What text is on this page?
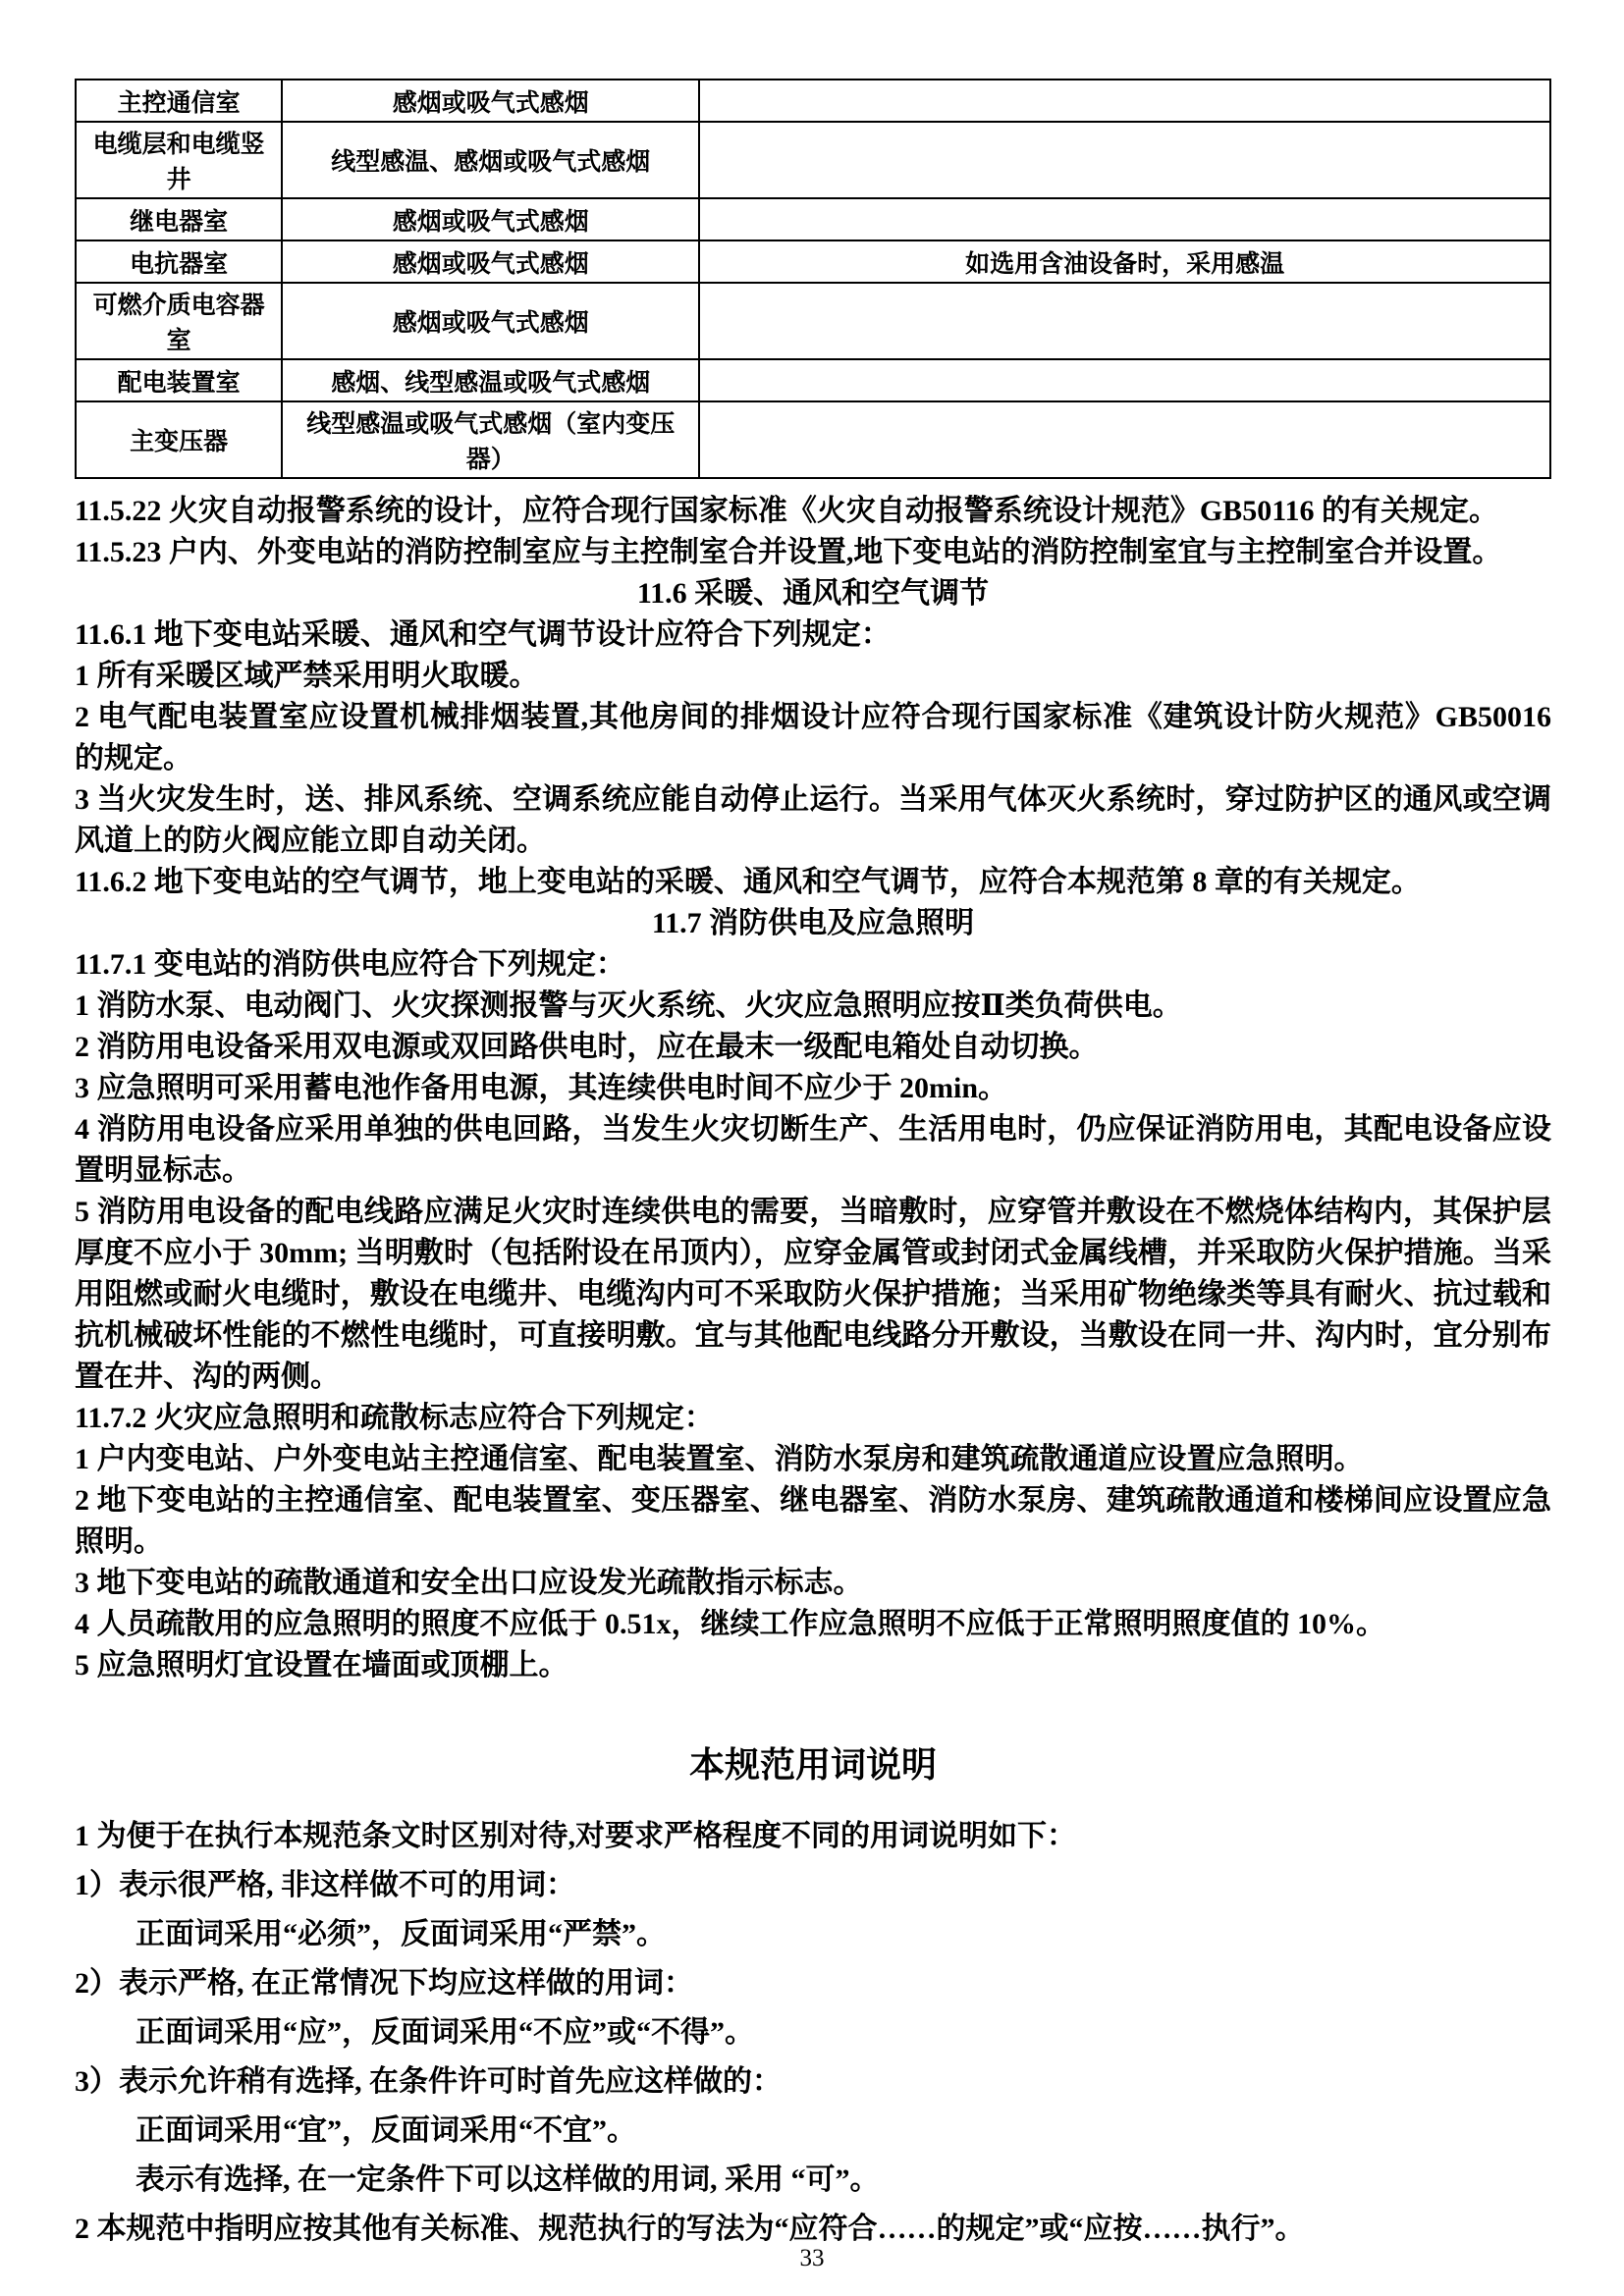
主控通信室	感烟或吸气式感烟	
电缆层和电缆竖井	线型感温、感烟或吸气式感烟	
继电器室	感烟或吸气式感烟	
电抗器室	感烟或吸气式感烟	如选用含油设备时，采用感温
可燃介质电容器室	感烟或吸气式感烟	
配电装置室	感烟、线型感温或吸气式感烟	
主变压器	线型感温或吸气式感烟（室内变压器）	

11.5.22 火灾自动报警系统的设计，应符合现行国家标准《火灾自动报警系统设计规范》GB50116 的有关规定。

11.5.23 户内、外变电站的消防控制室应与主控制室合并设置,地下变电站的消防控制室宜与主控制室合并设置。

11.6 采暖、通风和空气调节

11.6.1 地下变电站采暖、通风和空气调节设计应符合下列规定：

1 所有采暖区域严禁采用明火取暖。

2 电气配电装置室应设置机械排烟装置,其他房间的排烟设计应符合现行国家标准《建筑设计防火规范》GB50016 的规定。

3 当火灾发生时，送、排风系统、空调系统应能自动停止运行。当采用气体灭火系统时，穿过防护区的通风或空调风道上的防火阀应能立即自动关闭。

11.6.2 地下变电站的空气调节，地上变电站的采暖、通风和空气调节，应符合本规范第 8 章的有关规定。

11.7 消防供电及应急照明

11.7.1 变电站的消防供电应符合下列规定：

1 消防水泵、电动阀门、火灾探测报警与灭火系统、火灾应急照明应按Ⅱ类负荷供电。

2 消防用电设备采用双电源或双回路供电时，应在最末一级配电箱处自动切换。

3 应急照明可采用蓄电池作备用电源，其连续供电时间不应少于 20min。

4 消防用电设备应采用单独的供电回路，当发生火灾切断生产、生活用电时，仍应保证消防用电，其配电设备应设置明显标志。

5 消防用电设备的配电线路应满足火灾时连续供电的需要，当暗敷时，应穿管并敷设在不燃烧体结构内，其保护层厚度不应小于 30mm; 当明敷时（包括附设在吊顶内），应穿金属管或封闭式金属线槽，并采取防火保护措施。当采用阻燃或耐火电缆时，敷设在电缆井、电缆沟内可不采取防火保护措施；当采用矿物绝缘类等具有耐火、抗过载和抗机械破坏性能的不燃性电缆时，可直接明敷。宜与其他配电线路分开敷设，当敷设在同一井、沟内时，宜分别布置在井、沟的两侧。

11.7.2 火灾应急照明和疏散标志应符合下列规定：

1 户内变电站、户外变电站主控通信室、配电装置室、消防水泵房和建筑疏散通道应设置应急照明。

2 地下变电站的主控通信室、配电装置室、变压器室、继电器室、消防水泵房、建筑疏散通道和楼梯间应设置应急照明。

3 地下变电站的疏散通道和安全出口应设发光疏散指示标志。

4 人员疏散用的应急照明的照度不应低于 0.51x，继续工作应急照明不应低于正常照明照度值的 10%。

5 应急照明灯宜设置在墙面或顶棚上。

本规范用词说明

1 为便于在执行本规范条文时区别对待,对要求严格程度不同的用词说明如下：

1）表示很严格, 非这样做不可的用词：

正面词采用“必须”，反面词采用“严禁”。

2）表示严格, 在正常情况下均应这样做的用词：

正面词采用“应”，反面词采用“不应”或“不得”。

3）表示允许稍有选择, 在条件许可时首先应这样做的：

正面词采用“宜”，反面词采用“不宜”。

表示有选择, 在一定条件下可以这样做的用词, 采用 “可”。

2 本规范中指明应按其他有关标准、规范执行的写法为“应符合……的规定”或“应按……执行”。

33
